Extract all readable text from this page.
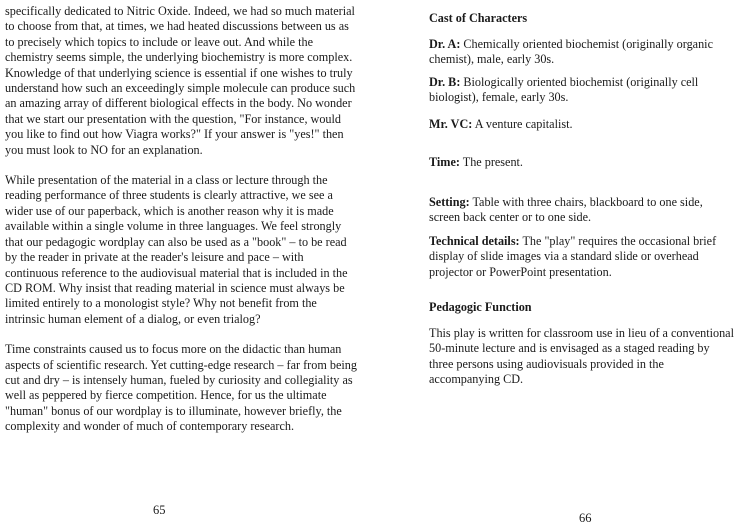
specifically dedicated to Nitric Oxide. Indeed, we had so much material to choose from that, at times, we had heated discussions between us as to precisely which topics to include or leave out. And while the chemistry seems simple, the underlying biochemistry is more complex. Knowledge of that underlying science is essential if one wishes to truly understand how such an exceedingly simple molecule can produce such an amazing array of different biological effects in the body. No wonder that we start our presentation with the question, "For instance, would you like to find out how Viagra works?" If your answer is "yes!" then you must look to NO for an explanation.

While presentation of the material in a class or lecture through the reading performance of three students is clearly attractive, we see a wider use of our paperback, which is another reason why it is made available within a single volume in three languages. We feel strongly that our pedagogic wordplay can also be used as a "book" – to be read by the reader in private at the reader's leisure and pace – with continuous reference to the audiovisual material that is included in the CD ROM. Why insist that reading material in science must always be limited entirely to a monologist style? Why not benefit from the intrinsic human element of a dialog, or even trialog?

Time constraints caused us to focus more on the didactic than human aspects of scientific research. Yet cutting-edge research – far from being cut and dry – is intensely human, fueled by curiosity and collegiality as well as peppered by fierce competition. Hence, for us the ultimate "human" bonus of our wordplay is to illuminate, however briefly, the complexity and wonder of much of contemporary research.

65

Cast of Characters

Dr. A: Chemically oriented biochemist (originally organic chemist), male, early 30s.

Dr. B: Biologically oriented biochemist (originally cell biologist), female, early 30s.

Mr. VC: A venture capitalist.

Time: The present.

Setting: Table with three chairs, blackboard to one side, screen back center or to one side.

Technical details: The "play" requires the occasional brief display of slide images via a standard slide or overhead projector or PowerPoint presentation.

Pedagogic Function

This play is written for classroom use in lieu of a conventional 50-minute lecture and is envisaged as a staged reading by three persons using audiovisuals provided in the accompanying CD.

66
